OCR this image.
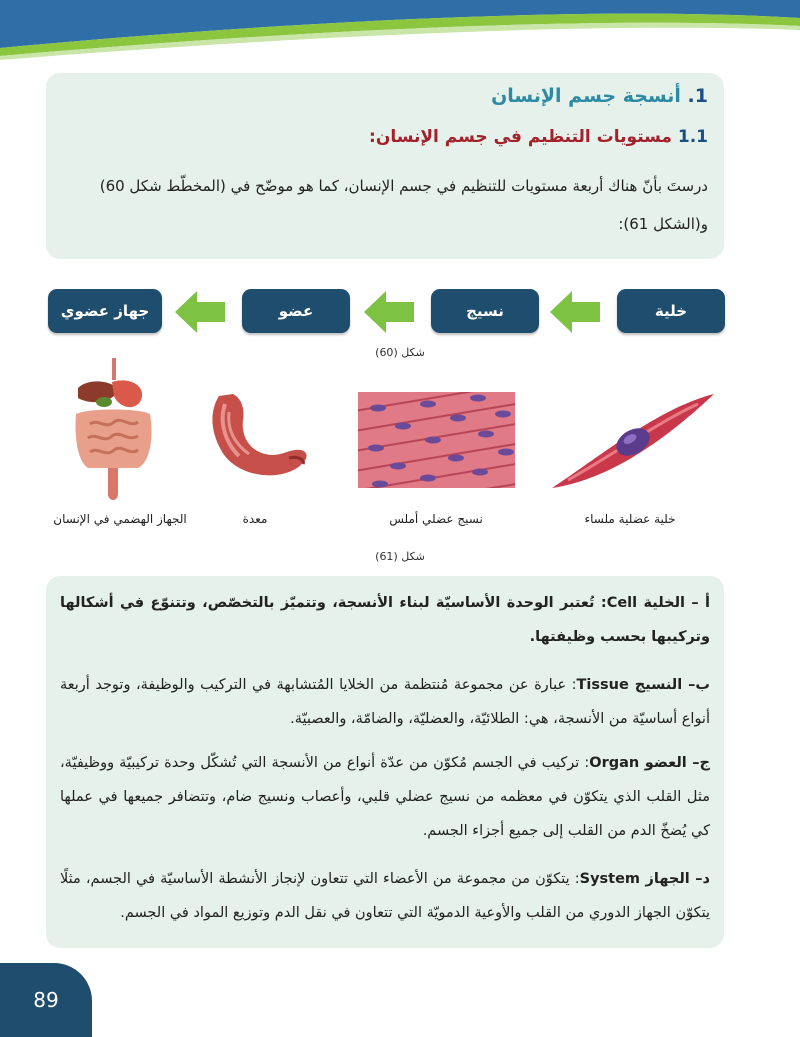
1. أنسجة جسم الإنسان
1.1 مستويات التنظيم في جسم الإنسان:
درستَ بأنّ هناك أربعة مستويات للتنظيم في جسم الإنسان، كما هو موضّح في (المخطّط شكل 60) و(الشكل 61):
خلية
نسيج
عضو
جهاز عضوي
شكل (60)
خلية عضلية ملساء
نسيج عضلي أملس
معدة
الجهاز الهضمي في الإنسان
شكل (61)
أ – الخلية Cell: تُعتبر الوحدة الأساسيّة لبناء الأنسجة، وتتميّز بالتخصّص، وتتنوّع في أشكالها وتركيبها بحسب وظيفتها.
ب– النسيج Tissue: عبارة عن مجموعة مُنتظمة من الخلايا المُتشابهة في التركيب والوظيفة، وتوجد أربعة أنواع أساسيّة من الأنسجة، هي: الطلائيّة، والعضليّة، والضامّة، والعصبيّة.
ج– العضو Organ: تركيب في الجسم مُكوّن من عدّة أنواع من الأنسجة التي تُشكّل وحدة تركيبيّة ووظيفيّة، مثل القلب الذي يتكوّن في معظمه من نسيج عضلي قلبي، وأعصاب ونسيج ضام، وتتضافر جميعها في عملها كي يُضخّ الدم من القلب إلى جميع أجزاء الجسم.
د– الجهاز System: يتكوّن من مجموعة من الأعضاء التي تتعاون لإنجاز الأنشطة الأساسيّة في الجسم، مثلًا يتكوّن الجهاز الدوري من القلب والأوعية الدمويّة التي تتعاون في نقل الدم وتوزيع المواد في الجسم.
89
